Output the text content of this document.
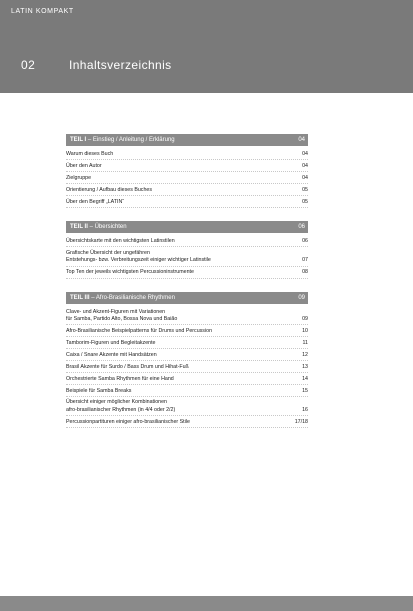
LATIN KOMPAKT
02	Inhaltsverzeichnis
TEIL I – Einstieg / Anleitung / Erklärung	04
Warum dieses Buch	04
Über den Autor	04
Zielgruppe	04
Orientierung / Aufbau dieses Buches	05
Über den Begriff „LATIN“	05
TEIL II – Übersichten	06
Übersichtskarte mit den wichtigsten Latinstilen	06
Grafische Übersicht der ungefähren
Entstehungs- bzw. Verbreitungszeit einiger wichtiger Latinstile	07
Top Ten der jeweils wichtigsten Percussioninstrumente	08
TEIL III – Afro-Brasilianische Rhythmen	09
Clave- und Akzent-Figuren mit Variationen
für Samba, Partido Alto, Bossa Nova und Baião	09
Afro-Brasilianische Beispielpatterns für Drums und Percussion	10
Tamborim-Figuren und Begleitakzente	11
Caixa / Snare Akzente mit Handsätzen	12
Brasil Akzente für Surdo / Bass Drum und Hihat-Fuß	13
Orchestrierte Samba Rhythmen für eine Hand	14
Beispiele für Samba Breaks	15
Übersicht einiger möglicher Kombinationen
afro-brasilianischer Rhythmen (in 4/4 oder 2/2)	16
Percussionpartituren einiger afro-brasilianischer Stile	17/18
